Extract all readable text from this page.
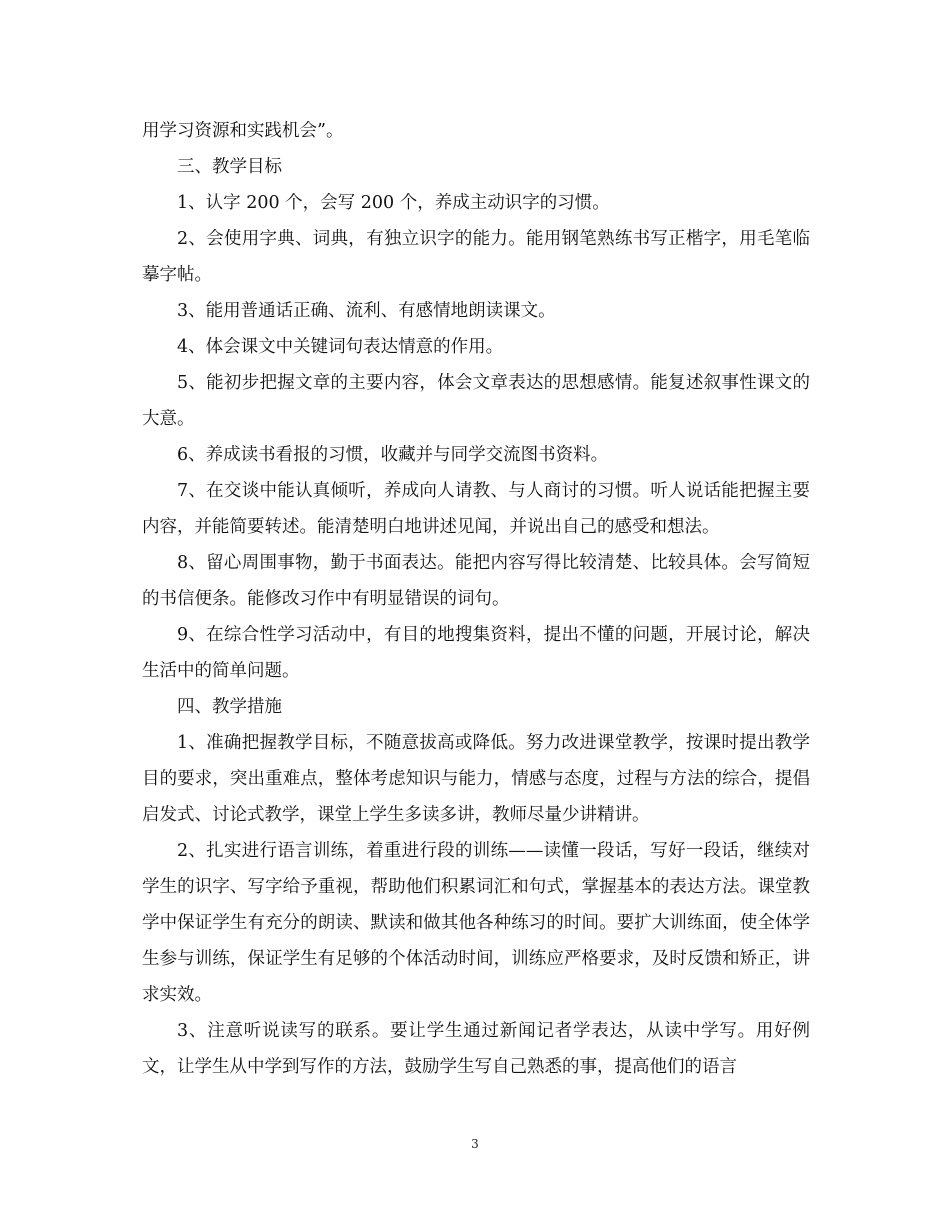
用学习资源和实践机会”。

三、教学目标

1、认字 200 个，会写 200 个，养成主动识字的习惯。

2、会使用字典、词典，有独立识字的能力。能用钢笔熟练书写正楷字，用毛笔临摹字帖。

3、能用普通话正确、流利、有感情地朗读课文。

4、体会课文中关键词句表达情意的作用。

5、能初步把握文章的主要内容，体会文章表达的思想感情。能复述叙事性课文的大意。

6、养成读书看报的习惯，收藏并与同学交流图书资料。

7、在交谈中能认真倾听，养成向人请教、与人商讨的习惯。听人说话能把握主要内容，并能简要转述。能清楚明白地讲述见闻，并说出自己的感受和想法。

8、留心周围事物，勤于书面表达。能把内容写得比较清楚、比较具体。会写简短的书信便条。能修改习作中有明显错误的词句。

9、在综合性学习活动中，有目的地搜集资料，提出不懂的问题，开展讨论，解决生活中的简单问题。

四、教学措施

1、准确把握教学目标，不随意拔高或降低。努力改进课堂教学，按课时提出教学目的要求，突出重难点，整体考虑知识与能力，情感与态度，过程与方法的综合，提倡启发式、讨论式教学，课堂上学生多读多讲，教师尽量少讲精讲。

2、扎实进行语言训练，着重进行段的训练——读懂一段话，写好一段话，继续对学生的识字、写字给予重视，帮助他们积累词汇和句式，掌握基本的表达方法。课堂教学中保证学生有充分的朗读、默读和做其他各种练习的时间。要扩大训练面，使全体学生参与训练，保证学生有足够的个体活动时间，训练应严格要求，及时反馈和矫正，讲求实效。

3、注意听说读写的联系。要让学生通过新闻记者学表达，从读中学写。用好例文，让学生从中学到写作的方法，鼓励学生写自己熟悉的事，提高他们的语言

3
